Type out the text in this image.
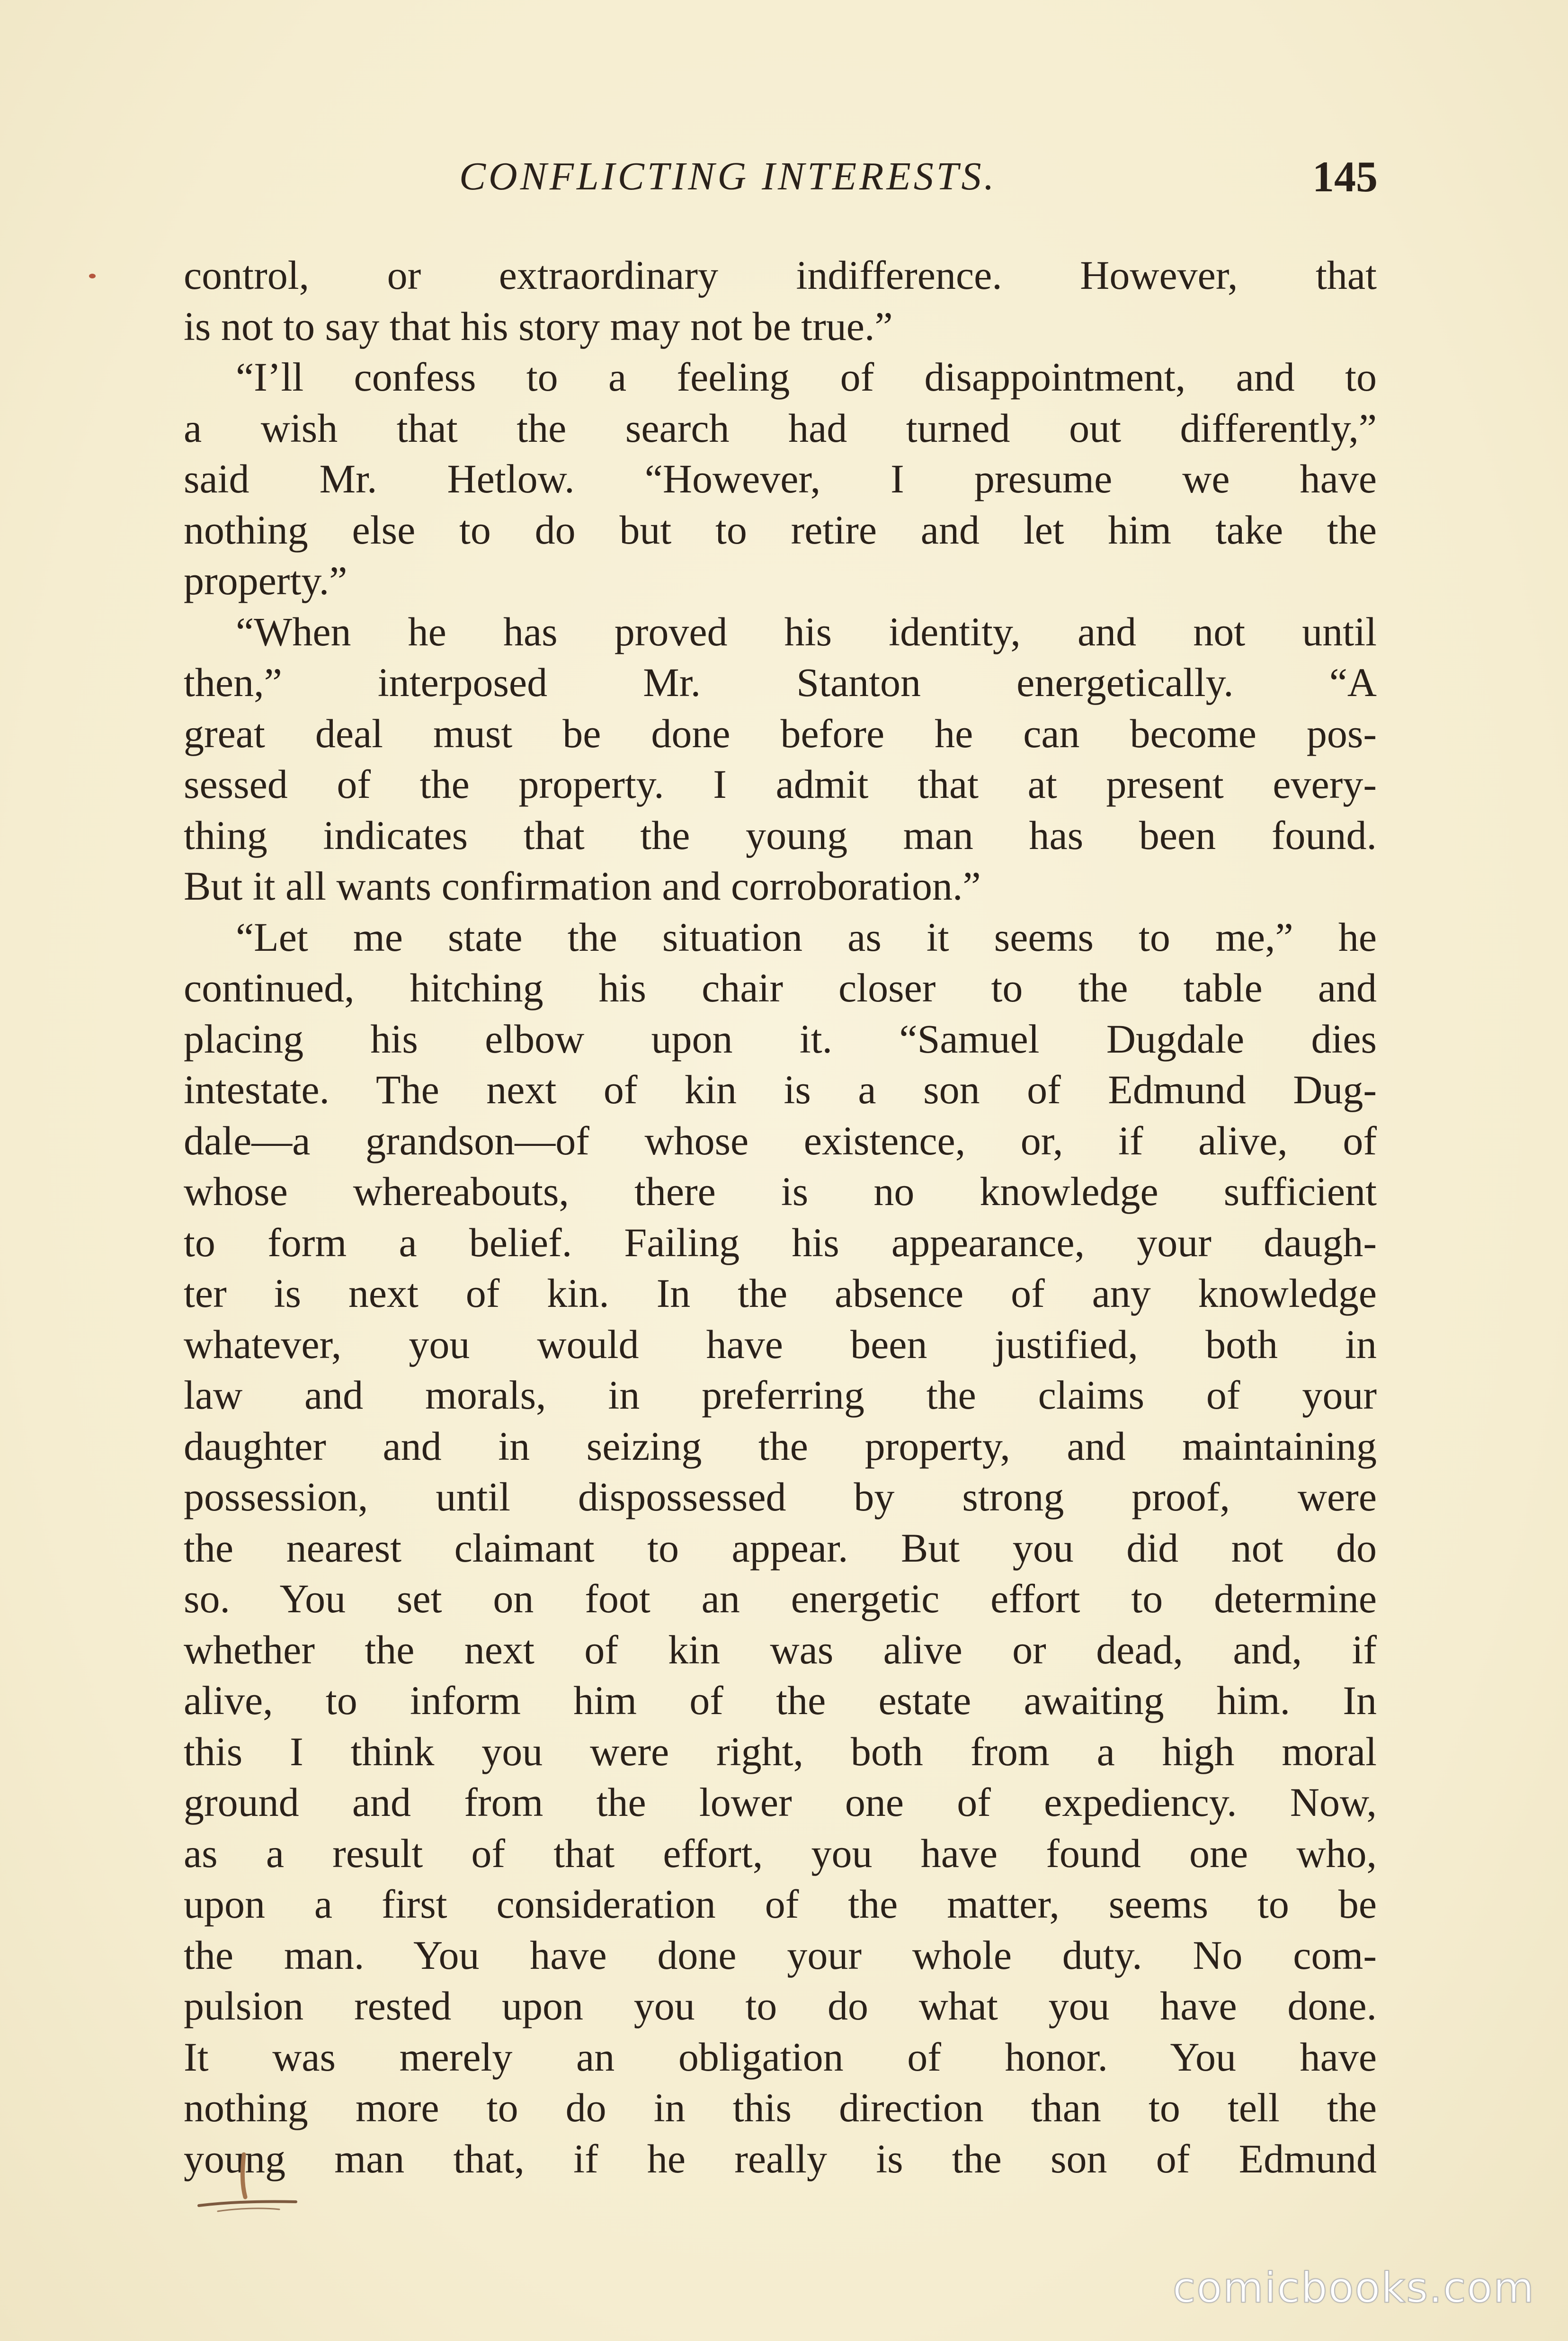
CONFLICTING INTERESTS.	145
control, or extraordinary indifference. However, that
is not to say that his story may not be true.”
“I’ll confess to a feeling of disappointment, and to
a wish that the search had turned out differently,”
said Mr. Hetlow. “However, I presume we have
nothing else to do but to retire and let him take the
property.”
“When he has proved his identity, and not until
then,” interposed Mr. Stanton energetically. “A
great deal must be done before he can become pos-
sessed of the property. I admit that at present every-
thing indicates that the young man has been found.
But it all wants confirmation and corroboration.”
“Let me state the situation as it seems to me,” he
continued, hitching his chair closer to the table and
placing his elbow upon it. “Samuel Dugdale dies
intestate. The next of kin is a son of Edmund Dug-
dale—a grandson—of whose existence, or, if alive, of
whose whereabouts, there is no knowledge sufficient
to form a belief. Failing his appearance, your daugh-
ter is next of kin. In the absence of any knowledge
whatever, you would have been justified, both in
law and morals, in preferring the claims of your
daughter and in seizing the property, and maintaining
possession, until dispossessed by strong proof, were
the nearest claimant to appear. But you did not do
so. You set on foot an energetic effort to determine
whether the next of kin was alive or dead, and, if
alive, to inform him of the estate awaiting him. In
this I think you were right, both from a high moral
ground and from the lower one of expediency. Now,
as a result of that effort, you have found one who,
upon a first consideration of the matter, seems to be
the man. You have done your whole duty. No com-
pulsion rested upon you to do what you have done.
It was merely an obligation of honor. You have
nothing more to do in this direction than to tell the
young man that, if he really is the son of Edmund
comicbooks.com
